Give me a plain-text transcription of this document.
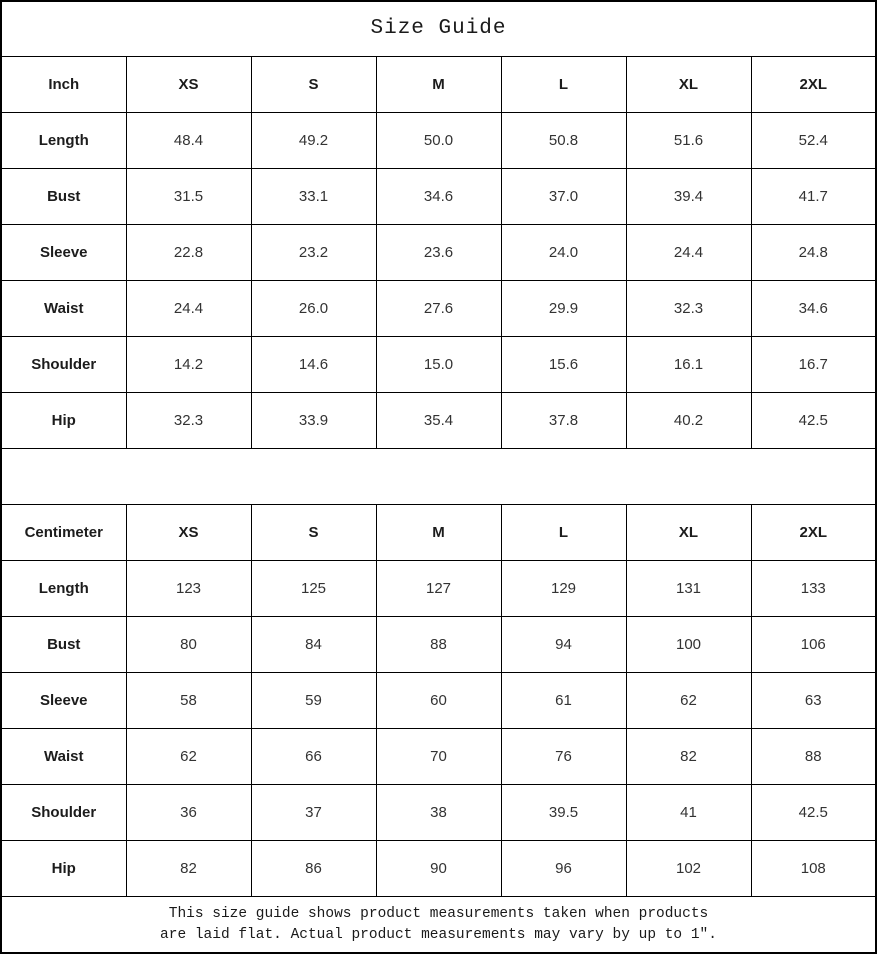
Size Guide						
Inch	XS	S	M	L	XL	2XL
Length	48.4	49.2	50.0	50.8	51.6	52.4
Bust	31.5	33.1	34.6	37.0	39.4	41.7
Sleeve	22.8	23.2	23.6	24.0	24.4	24.8
Waist	24.4	26.0	27.6	29.9	32.3	34.6
Shoulder	14.2	14.6	15.0	15.6	16.1	16.7
Hip	32.3	33.9	35.4	37.8	40.2	42.5

Centimeter	XS	S	M	L	XL	2XL
Length	123	125	127	129	131	133
Bust	80	84	88	94	100	106
Sleeve	58	59	60	61	62	63
Waist	62	66	70	76	82	88
Shoulder	36	37	38	39.5	41	42.5
Hip	82	86	90	96	102	108

This size guide shows product measurements taken when products
are laid flat. Actual product measurements may vary by up to 1″.						
